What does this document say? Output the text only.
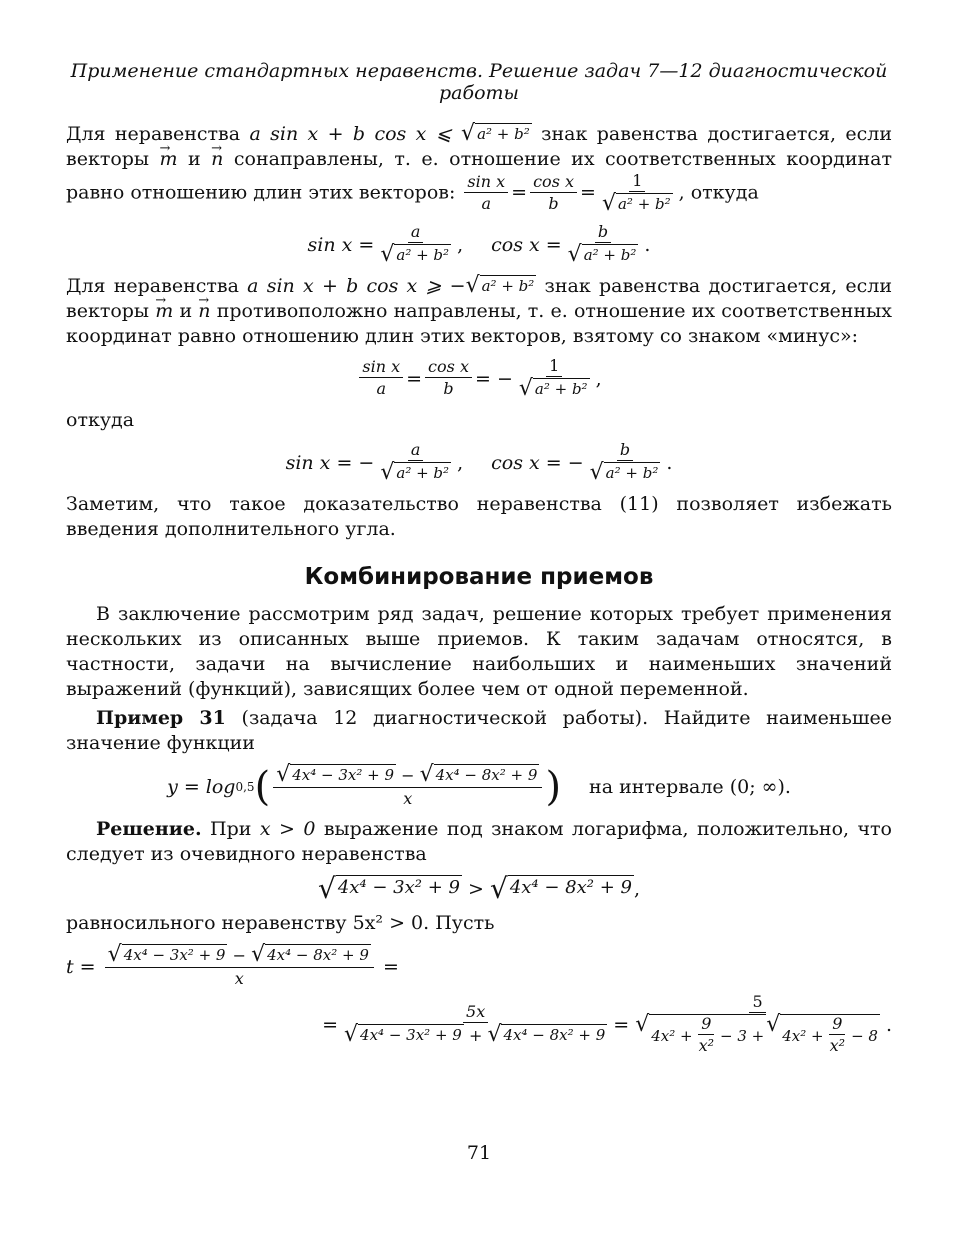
Применение стандартных неравенств. Решение задач 7—12 диагностической работы

Для неравенства a sin x + b cos x ⩽ √ a² + b² знак равенства достигается, если векторы → m и → n сонаправлены, т. е. отношение их соответственных координат равно отношению длин этих векторов: $\frac{\text{sin x}}{a} = \frac{\text{cos x}}{b} = \frac{1}{\text{√ a² + b²}}$ , откуда

sin x
= $\frac{a}{\text{√ a² + b²}}$ , cos x
= $\frac{b}{\text{√ a² + b²}}$ .

Для неравенства a sin x + b cos x ⩾ − √ a² + b² знак равенства достигается, если векторы → m и → n противоположно направлены, т. е. отношение их соответственных координат равно отношению длин этих векторов, взятому со знаком «минус»:

$\frac{\text{sin x}}{a} = \frac{\text{cos x}}{b}$ =
− $\frac{1}{\text{√ a² + b²}}$ ,

откуда

sin x
=
− $\frac{a}{\text{√ a² + b²}}$ , cos x
=
− $\frac{b}{\text{√ a² + b²}}$ .

Заметим, что такое доказательство неравенства (11) позволяет избежать введения дополнительного угла.

Комбинирование приемов

В заключение рассмотрим ряд задач, решение которых требует применения нескольких из описанных выше приемов. К таким задачам относятся, в частности, задачи на вычисление наибольших и наименьших значений выражений (функций), зависящих более чем от одной переменной.

Пример 31 (задача 12 диагностической работы). Найдите наименьшее значение функции

y = log 0,5 ( $\frac{\text{√ 4x⁴ − 3x² + 9 − √ 4x⁴ − 8x² + 9}}{x}$ ) на интервале (0; ∞).

Решение. При x > 0 выражение под знаком логарифма, положительно, что следует из очевидного неравенства

√ 4x⁴ − 3x² + 9
>
√ 4x⁴ − 8x² + 9 ,

равносильного неравенству 5x² > 0. Пусть

t =
$\frac{\text{√ 4x⁴ − 3x² + 9 − √ 4x⁴ − 8x² + 9}}{x}$
=
= $\frac{5x}{\text{√ 4x⁴ − 3x² + 9 + √ 4x⁴ − 8x² + 9}} = \frac{5}{√ 4x^2 + \frac{9}{\text{x²}} - 3 + √ 4x^2 + \frac{9}{\text{x²}} - 8}$ .
71
